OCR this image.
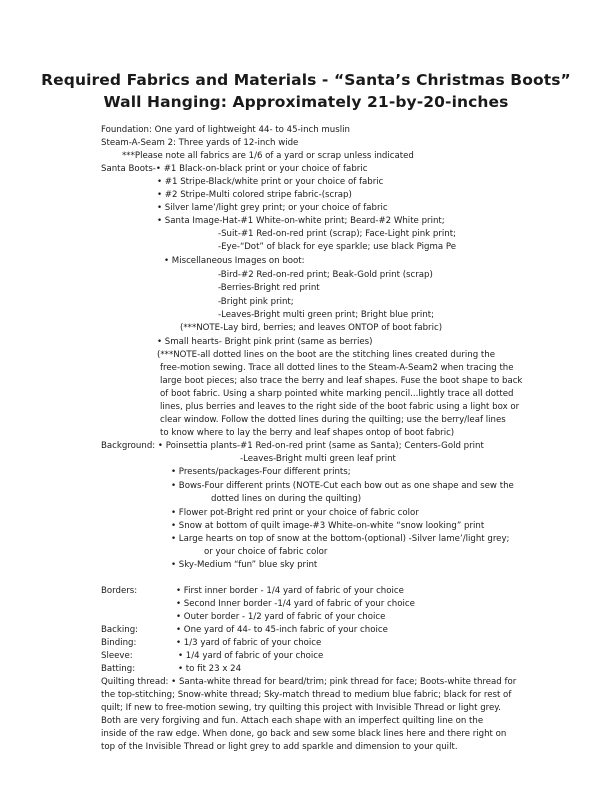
Required Fabrics and Materials - “Santa’s Christmas Boots”
Wall Hanging: Approximately 21-by-20-inches
Foundation: One yard of lightweight 44- to 45-inch muslin
Steam-A-Seam 2: Three yards of 12-inch wide
***Please note all fabrics are 1/6 of a yard or scrap unless indicated
Santa Boots-• #1 Black-on-black print or your choice of fabric
• #1 Stripe-Black/white print or your choice of fabric
• #2 Stripe-Multi colored stripe fabric-(scrap)
• Silver lame’/light grey print; or your choice of fabric
• Santa Image-Hat-#1 White-on-white print; Beard-#2 White print;
-Suit-#1 Red-on-red print (scrap); Face-Light pink print;
-Eye-“Dot” of black for eye sparkle; use black Pigma Pe
• Miscellaneous Images on boot:
-Bird-#2 Red-on-red print; Beak-Gold print (scrap)
-Berries-Bright red print
-Bright pink print;
-Leaves-Bright multi green print; Bright blue print;
(***NOTE-Lay bird, berries; and leaves ONTOP of boot fabric)
• Small hearts- Bright pink print (same as berries)
(***NOTE-all dotted lines on the boot are the stitching lines created during the
free-motion sewing. Trace all dotted lines to the Steam-A-Seam2 when tracing the
large boot pieces; also trace the berry and leaf shapes. Fuse the boot shape to back
of boot fabric. Using a sharp pointed white marking pencil...lightly trace all dotted
lines, plus berries and leaves to the right side of the boot fabric using a light box or
clear window. Follow the dotted lines during the quilting; use the berry/leaf lines
to know where to lay the berry and leaf shapes ontop of boot fabric)
Background: • Poinsettia plants-#1 Red-on-red print (same as Santa); Centers-Gold print
-Leaves-Bright multi green leaf print
• Presents/packages-Four different prints;
• Bows-Four different prints (NOTE-Cut each bow out as one shape and sew the
dotted lines on during the quilting)
• Flower pot-Bright red print or your choice of fabric color
• Snow at bottom of quilt image-#3 White-on-white “snow looking” print
• Large hearts on top of snow at the bottom-(optional) -Silver lame’/light grey;
or your choice of fabric color
• Sky-Medium “fun” blue sky print
Borders:	• First inner border - 1/4 yard of fabric of your choice
• Second Inner border -1/4 yard of fabric of your choice
• Outer border - 1/2 yard of fabric of your choice
Backing:	• One yard of 44- to 45-inch fabric of your choice
Binding:	• 1/3 yard of fabric of your choice
Sleeve:	• 1/4 yard of fabric of your choice
Batting:	• to fit 23 x 24
Quilting thread: • Santa-white thread for beard/trim; pink thread for face; Boots-white thread for
the top-stitching; Snow-white thread; Sky-match thread to medium blue fabric; black for rest of
quilt; If new to free-motion sewing, try quilting this project with Invisible Thread or light grey.
Both are very forgiving and fun. Attach each shape with an imperfect quilting line on the
inside of the raw edge. When done, go back and sew some black lines here and there right on
top of the Invisible Thread or light grey to add sparkle and dimension to your quilt.
